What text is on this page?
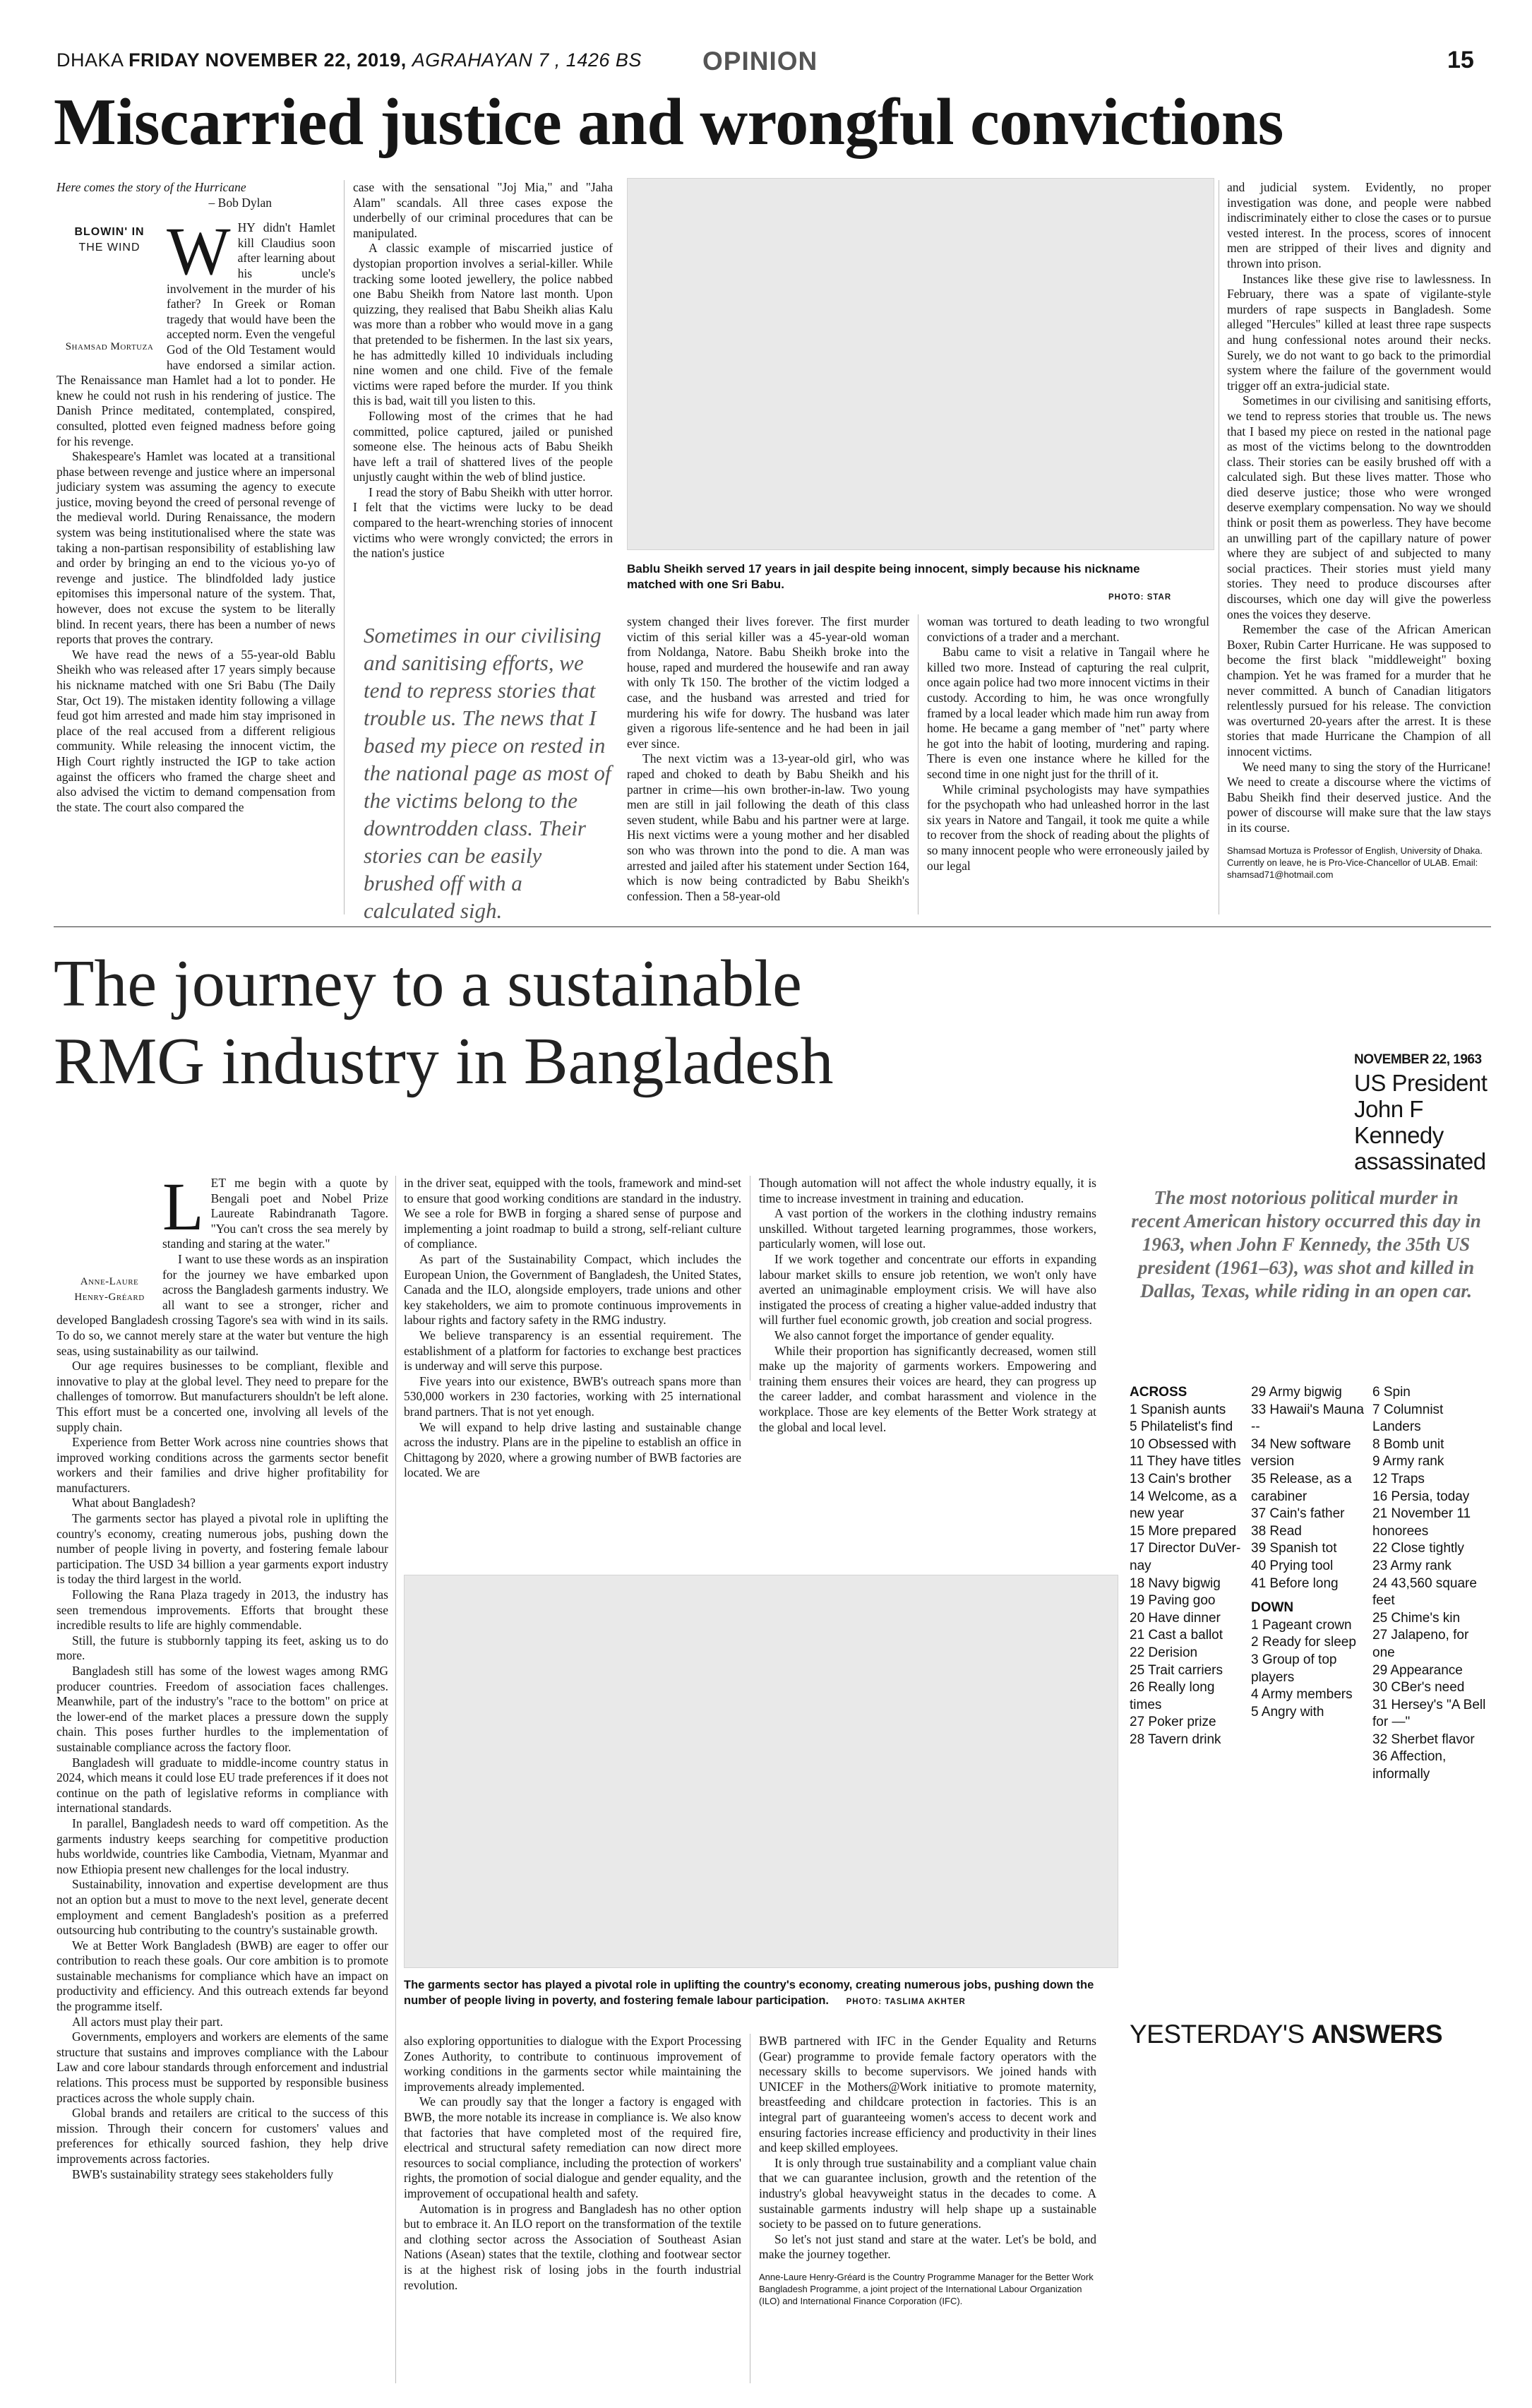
DHAKA FRIDAY NOVEMBER 22, 2019, AGRAHAYAN 7 , 1426 BS OPINION	15
Miscarried justice and wrongful convictions

Here comes the story of the Hurricane

– Bob Dylan

BLOWIN' IN
THE WIND
Shamsad Mortuza

WHY didn't Hamlet kill Claudius soon after learning about his uncle's involvement in the murder of his father? In Greek or Roman tragedy that would have been the accepted norm. Even the vengeful God of the Old Testament would have endorsed a similar action. The Renaissance man Hamlet had a lot to ponder. He knew he could not rush in his rendering of justice. The Danish Prince meditated, contemplated, conspired, consulted, plotted even feigned madness before going for his revenge.

Shakespeare's Hamlet was located at a transitional phase between revenge and justice where an impersonal judiciary system was assuming the agency to execute justice, moving beyond the creed of personal revenge of the medieval world. During Renaissance, the modern system was being institutionalised where the state was taking a non-partisan responsibility of establishing law and order by bringing an end to the vicious yo-yo of revenge and justice. The blindfolded lady justice epitomises this impersonal nature of the system. That, however, does not excuse the system to be literally blind. In recent years, there has been a number of news reports that proves the contrary.

We have read the news of a 55-year-old Bablu Sheikh who was released after 17 years simply because his nickname matched with one Sri Babu (The Daily Star, Oct 19). The mistaken identity following a village feud got him arrested and made him stay imprisoned in place of the real accused from a different religious community. While releasing the innocent victim, the High Court rightly instructed the IGP to take action against the officers who framed the charge sheet and also advised the victim to demand compensation from the state. The court also compared the

case with the sensational "Joj Mia," and "Jaha Alam" scandals. All three cases expose the underbelly of our criminal procedures that can be manipulated.

A classic example of miscarried justice of dystopian proportion involves a serial-killer. While tracking some looted jewellery, the police nabbed one Babu Sheikh from Natore last month. Upon quizzing, they realised that Babu Sheikh alias Kalu was more than a robber who would move in a gang that pretended to be fishermen. In the last six years, he has admittedly killed 10 individuals including nine women and one child. Five of the female victims were raped before the murder. If you think this is bad, wait till you listen to this.

Following most of the crimes that he had committed, police captured, jailed or punished someone else. The heinous acts of Babu Sheikh have left a trail of shattered lives of the people unjustly caught within the web of blind justice.

I read the story of Babu Sheikh with utter horror. I felt that the victims were lucky to be dead compared to the heart-wrenching stories of innocent victims who were wrongly convicted; the errors in the nation's justice

Sometimes in our civilising and sanitising efforts, we tend to repress stories that trouble us. The news that I based my piece on rested in the national page as most of the victims belong to the downtrodden class. Their stories can be easily brushed off with a calculated sigh.
Bablu Sheikh served 17 years in jail despite being innocent, simply because his nickname matched with one Sri Babu.
PHOTO: STAR

system changed their lives forever. The first murder victim of this serial killer was a 45-year-old woman from Noldanga, Natore. Babu Sheikh broke into the house, raped and murdered the housewife and ran away with only Tk 150. The brother of the victim lodged a case, and the husband was arrested and tried for murdering his wife for dowry. The husband was later given a rigorous life-sentence and he had been in jail ever since.

The next victim was a 13-year-old girl, who was raped and choked to death by Babu Sheikh and his partner in crime—his own brother-in-law. Two young men are still in jail following the death of this class seven student, while Babu and his partner were at large. His next victims were a young mother and her disabled son who was thrown into the pond to die. A man was arrested and jailed after his statement under Section 164, which is now being contradicted by Babu Sheikh's confession. Then a 58-year-old

woman was tortured to death leading to two wrongful convictions of a trader and a merchant.

Babu came to visit a relative in Tangail where he killed two more. Instead of capturing the real culprit, once again police had two more innocent victims in their custody. According to him, he was once wrongfully framed by a local leader which made him run away from home. He became a gang member of "net" party where he got into the habit of looting, murdering and raping. There is even one instance where he killed for the second time in one night just for the thrill of it.

While criminal psychologists may have sympathies for the psychopath who had unleashed horror in the last six years in Natore and Tangail, it took me quite a while to recover from the shock of reading about the plights of so many innocent people who were erroneously jailed by our legal

and judicial system. Evidently, no proper investigation was done, and people were nabbed indiscriminately either to close the cases or to pursue vested interest. In the process, scores of innocent men are stripped of their lives and dignity and thrown into prison.

Instances like these give rise to lawlessness. In February, there was a spate of vigilante-style murders of rape suspects in Bangladesh. Some alleged "Hercules" killed at least three rape suspects and hung confessional notes around their necks. Surely, we do not want to go back to the primordial system where the failure of the government would trigger off an extra-judicial state.

Sometimes in our civilising and sanitising efforts, we tend to repress stories that trouble us. The news that I based my piece on rested in the national page as most of the victims belong to the downtrodden class. Their stories can be easily brushed off with a calculated sigh. But these lives matter. Those who died deserve justice; those who were wronged deserve exemplary compensation. No way we should think or posit them as powerless. They have become an unwilling part of the capillary nature of power where they are subject of and subjected to many social practices. Their stories must yield many stories. They need to produce discourses after discourses, which one day will give the powerless ones the voices they deserve.

Remember the case of the African American Boxer, Rubin Carter Hurricane. He was supposed to become the first black "middleweight" boxing champion. Yet he was framed for a murder that he never committed. A bunch of Canadian litigators relentlessly pursued for his release. The conviction was overturned 20-years after the arrest. It is these stories that made Hurricane the Champion of all innocent victims.

We need many to sing the story of the Hurricane! We need to create a discourse where the victims of Babu Sheikh find their deserved justice. And the power of discourse will make sure that the law stays in its course.

Shamsad Mortuza is Professor of English, University of Dhaka. Currently on leave, he is Pro-Vice-Chancellor of ULAB. Email: shamsad71@hotmail.com

The journey to a sustainable
RMG industry in Bangladesh
Anne-Laure
Henry-Gréard

LET me begin with a quote by Bengali poet and Nobel Prize Laureate Rabindranath Tagore. "You can't cross the sea merely by standing and staring at the water."

I want to use these words as an inspiration for the journey we have embarked upon across the Bangladesh garments industry. We all want to see a stronger, richer and developed Bangladesh crossing Tagore's sea with wind in its sails. To do so, we cannot merely stare at the water but venture the high seas, using sustainability as our tailwind.

Our age requires businesses to be compliant, flexible and innovative to play at the global level. They need to prepare for the challenges of tomorrow. But manufacturers shouldn't be left alone. This effort must be a concerted one, involving all levels of the supply chain.

Experience from Better Work across nine countries shows that improved working conditions across the garments sector benefit workers and their families and drive higher profitability for manufacturers.

What about Bangladesh?

The garments sector has played a pivotal role in uplifting the country's economy, creating numerous jobs, pushing down the number of people living in poverty, and fostering female labour participation. The USD 34 billion a year garments export industry is today the third largest in the world.

Following the Rana Plaza tragedy in 2013, the industry has seen tremendous improvements. Efforts that brought these incredible results to life are highly commendable.

Still, the future is stubbornly tapping its feet, asking us to do more.

Bangladesh still has some of the lowest wages among RMG producer countries. Freedom of association faces challenges. Meanwhile, part of the industry's "race to the bottom" on price at the lower-end of the market places a pressure down the supply chain. This poses further hurdles to the implementation of sustainable compliance across the factory floor.

Bangladesh will graduate to middle-income country status in 2024, which means it could lose EU trade preferences if it does not continue on the path of legislative reforms in compliance with international standards.

In parallel, Bangladesh needs to ward off competition. As the garments industry keeps searching for competitive production hubs worldwide, countries like Cambodia, Vietnam, Myanmar and now Ethiopia present new challenges for the local industry.

Sustainability, innovation and expertise development are thus not an option but a must to move to the next level, generate decent employment and cement Bangladesh's position as a preferred outsourcing hub contributing to the country's sustainable growth.

We at Better Work Bangladesh (BWB) are eager to offer our contribution to reach these goals. Our core ambition is to promote sustainable mechanisms for compliance which have an impact on productivity and efficiency. And this outreach extends far beyond the programme itself.

All actors must play their part.

Governments, employers and workers are elements of the same structure that sustains and improves compliance with the Labour Law and core labour standards through enforcement and industrial relations. This process must be supported by responsible business practices across the whole supply chain.

Global brands and retailers are critical to the success of this mission. Through their concern for customers' values and preferences for ethically sourced fashion, they help drive improvements across factories.

BWB's sustainability strategy sees stakeholders fully

in the driver seat, equipped with the tools, framework and mind-set to ensure that good working conditions are standard in the industry. We see a role for BWB in forging a shared sense of purpose and implementing a joint roadmap to build a strong, self-reliant culture of compliance.

As part of the Sustainability Compact, which includes the European Union, the Government of Bangladesh, the United States, Canada and the ILO, alongside employers, trade unions and other key stakeholders, we aim to promote continuous improvements in labour rights and factory safety in the RMG industry.

We believe transparency is an essential requirement. The establishment of a platform for factories to exchange best practices is underway and will serve this purpose.

Five years into our existence, BWB's outreach spans more than 530,000 workers in 230 factories, working with 25 international brand partners. That is not yet enough.

We will expand to help drive lasting and sustainable change across the industry. Plans are in the pipeline to establish an office in Chittagong by 2020, where a growing number of BWB factories are located. We are

Though automation will not affect the whole industry equally, it is time to increase investment in training and education.

A vast portion of the workers in the clothing industry remains unskilled. Without targeted learning programmes, those workers, particularly women, will lose out.

If we work together and concentrate our efforts in expanding labour market skills to ensure job retention, we won't only have averted an unimaginable employment crisis. We will have also instigated the process of creating a higher value-added industry that will further fuel economic growth, job creation and social progress.

We also cannot forget the importance of gender equality.

While their proportion has significantly decreased, women still make up the majority of garments workers. Empowering and training them ensures their voices are heard, they can progress up the career ladder, and combat harassment and violence in the workplace. Those are key elements of the Better Work strategy at the global and local level.

The garments sector has played a pivotal role in uplifting the country's economy, creating numerous jobs, pushing down the number of people living in poverty, and fostering female labour participation. PHOTO: TASLIMA AKHTER

also exploring opportunities to dialogue with the Export Processing Zones Authority, to contribute to continuous improvement of working conditions in the garments sector while maintaining the improvements already implemented.

We can proudly say that the longer a factory is engaged with BWB, the more notable its increase in compliance is. We also know that factories that have completed most of the required fire, electrical and structural safety remediation can now direct more resources to social compliance, including the protection of workers' rights, the promotion of social dialogue and gender equality, and the improvement of occupational health and safety.

Automation is in progress and Bangladesh has no other option but to embrace it. An ILO report on the transformation of the textile and clothing sector across the Association of Southeast Asian Nations (Asean) states that the textile, clothing and footwear sector is at the highest risk of losing jobs in the fourth industrial revolution.

BWB partnered with IFC in the Gender Equality and Returns (Gear) programme to provide female factory operators with the necessary skills to become supervisors. We joined hands with UNICEF in the Mothers@Work initiative to promote maternity, breastfeeding and childcare protection in factories. This is an integral part of guaranteeing women's access to decent work and ensuring factories increase efficiency and productivity in their lines and keep skilled employees.

It is only through true sustainability and a compliant value chain that we can guarantee inclusion, growth and the retention of the industry's global heavyweight status in the decades to come. A sustainable garments industry will help shape up a sustainable society to be passed on to future generations.

So let's not just stand and stare at the water. Let's be bold, and make the journey together.

Anne-Laure Henry-Gréard is the Country Programme Manager for the Better Work Bangladesh Programme, a joint project of the International Labour Organization (ILO) and International Finance Corporation (IFC).

NOVEMBER 22, 1963
US President
John F
Kennedy
assassinated
The most notorious political murder in recent American history occurred this day in 1963, when John F Kennedy, the 35th US president (1961–63), was shot and killed in Dallas, Texas, while riding in an open car.
ACROSS
1 Spanish aunts
5 Philatelist's find
10 Obsessed with
11 They have titles
13 Cain's brother
14 Welcome, as a
new year
15 More prepared
17 Director DuVer-
nay
18 Navy bigwig
19 Paving goo
20 Have dinner
21 Cast a ballot
22 Derision
25 Trait carriers
26 Really long times
27 Poker prize
28 Tavern drink
29 Army bigwig
33 Hawaii's Mauna
--
34 New software
version
35 Release, as a
carabiner
37 Cain's father
38 Read
39 Spanish tot
40 Prying tool
41 Before long
DOWN
1 Pageant crown
2 Ready for sleep
3 Group of top
players
4 Army members
5 Angry with
6 Spin
7 Columnist Landers
8 Bomb unit
9 Army rank
12 Traps
16 Persia, today
21 November 11
honorees
22 Close tightly
23 Army rank
24 43,560 square feet
25 Chime's kin
27 Jalapeno, for one
29 Appearance
30 CBer's need
31 Hersey's "A Bell
for —"
32 Sherbet flavor
36 Affection,
informally
YESTERDAY'S ANSWERS
